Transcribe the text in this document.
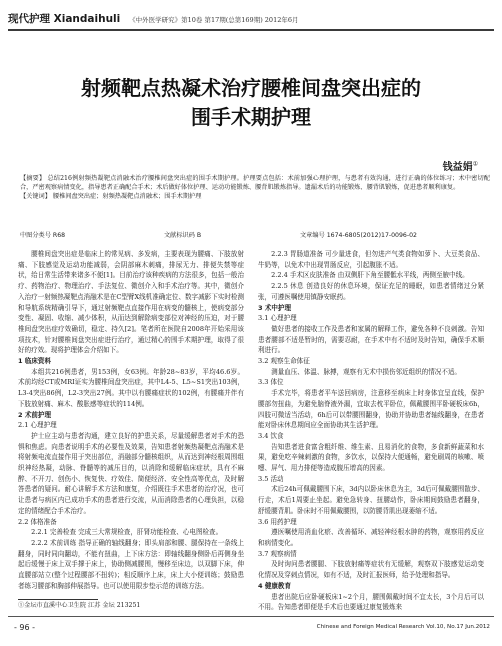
现代护理 Xiandaihuli 《中外医学研究》第10卷 第17期(总第169期) 2012年6月
射频靶点热凝术治疗腰椎间盘突出症的
围手术期护理
钱益娟①

【摘要】 总结216例射频热凝靶点消融术治疗腰椎间盘突出症的围手术期护理。护理要点包括：术前加强心理护理，与患者有效沟通，进行正确的体位练习；术中密切配合，严密观察病情变化，指导患者正确配合手术；术后做好体位护理、运动功能锻炼、腰背肌锻炼指导。遗漏术后的功能锻炼、腰背肌锻炼，促进患者顺利康复。

【关键词】 腰椎间盘突出症；射频热凝靶点消融术；围手术期护理

中图分类号 R68	文献标识码 B	文章编号 1674-6805(2012)17-0096-02

腰椎间盘突出症是临床上的常见病、多发病，主要表现为腰痛、下肢放射痛、下肢感觉及运动功能减弱，会阴部麻木刺痛，排尿无力、排便失禁等症状，给日常生活带来诸多不便[1]。目前治疗该种疾病的方法很多，包括一般治疗、药物治疗、物理治疗、手法复位、微创介入和手术治疗等。其中，微创介入治疗一射频热凝靶点消融术是在C型臂X线机准确定位、数字减影下实时检测和导航系统精确引导下，通过射频靶点直接作用在病变的髓核上，使病变部分变性、凝固、收缩、减少体积，从而达到解除病变部位对神经的压迫，对于腰椎间盘突出症疗效确切，稳定、持久[2]。笔者所在医院自2008年开始采用该项技术，针对腰椎间盘突出症进行治疗，通过精心的围手术期护理，取得了很好的疗效。现将护理体会介绍如下。

1 临床资料

本组共216例患者，男153例，女63例。年龄28~83岁，平均46.6岁。术前均经CT或MRI证实为腰椎间盘突出症，其中L4-5、L5~S1突出103例，L3-4突出86例，L2-3突出27例。其中以有腰痛症状的102例，有腰痛并伴有下肢放射痛、麻木、酸胀感等症状的114例。

2 术前护理

2.1 心理护理

护士应主动与患者沟通，建立良好的护患关系，尽量缓解患者对手术的恐惧和焦虑。向患者说明手术的必要性及效果，告知患者射频热凝靶点消融术是将射频电流直接作用于突出部位，消融部分髓核组织，从而达到神经根周围组织神经热凝，动脉、脊髓等的减压目的，以消除和缓解临床症状，具有不麻醉、不开刀、创伤小、恢复快、疗效佳、简便经济、安全性高等优点，及时解答患者的疑问。耐心讲解手术方法和康复，介绍既往手术患者的治疗况，也可让患者与病区内已成功手术的患者进行交流，从而消除患者的心理负担，以稳定的情绪配合手术治疗。

2.2 体格准备

2.2.1 完善检查 完成三大常规检查，肝肾功能检查、心电图检查。

2.2.2 术前训练 指导正确的轴线翻身；即头肩部和腰、腿保持在一条线上翻身，同时同向翻动，不能有扭曲，上下床方法：即轴线翻身侧卧后再侧身坐起后缓慢于床上双手撑于床上，协助侧减腰围，慢移至床边，以双脚下床，伸直腰部站立(整个过程腰部不扭转)；相反顺序上床，床上大小便训练；鼓励患者练习腰部和胸部伸展指导。也可以使用限步垫示范的训练方法。

2.2.3 胃肠道准备 可少量进食，但勿进产气类食物如萝卜、大豆类食品、牛奶等，以免术中出现胃肠反应，引起腹胀不适。

2.2.4 手术区皮肤准备 由双侧肝下角至腰骶水平线，两侧至腋中线。

2.2.5 休息 创造良好的休息环境，保证充足的睡眠，如患者情绪过分紧张，可遵医嘱使用镇静安眠药。

3 术中护理

3.1 心理护理

做好患者的接收工作及患者和家属的解释工作，避免各种不良刺激。告知患者腰部不适是暂时的，需要忍耐，在手术中有不适时及时告知，确保手术顺利进行。

3.2 观察生命体征

测量血压、体温、脉搏，观察有无术中损伤邻近组织的情况不适。

3.3 体位

手术完毕，将患者平车送回病房，注意移至病床上时身体宜呈直线，保护腰部勿扭曲，为避免脑脊液外漏，宜取去枕平卧位，佩戴腰围平卧硬板床6h，四肢可微适当活动，6h后可以带腰围翻身，协助并协助患者轴线翻身，在患者能对卧床休息期间应全面协助其生活护理。

3.4 饮食

告知患者进食富含粗纤维、维生素、且易消化的食物，多食新鲜蔬菜和水果，避免吃辛辣刺激的食物，多饮水，以保持大便通畅，避免刷周的咳嗽、喷嚏、屏气、用力排便等造成腹压增高的因素。

3.5 活动

术后24h可佩戴腰围下床，3d内以卧床休息为主，3d后可佩戴腰围散步、行走，术后1周要止坐起。避免急转身、扭腰动作，卧床期间鼓励患者翻身，舒缓腰背肌。卧床时不用佩戴腰围，以防腰背肌出现萎缩不适。

3.6 用药护理

遵医嘱使用消血化瘀、改善循环、减轻神经根水肿的药物，观察用药反应和病情变化。

3.7 观察病情

及时询问患者腰腿、下肢放射痛等症状有无缓解，观察双下肢感觉运动变化情况及穿刺点情况，如有不适，及时汇报医师，给予处理和指导。

4 健康教育

患者出院后应卧硬板床1~2个月，腰围佩戴时间不宜太长，3个月后可以不用。告知患者即便是手术后也要通过康复锻炼来

①金坛市直溪中心卫生院 江苏 金坛 213251
- 96 -	Chinese and Foreign Medical Research Vol.10, No.17 Jun.2012
